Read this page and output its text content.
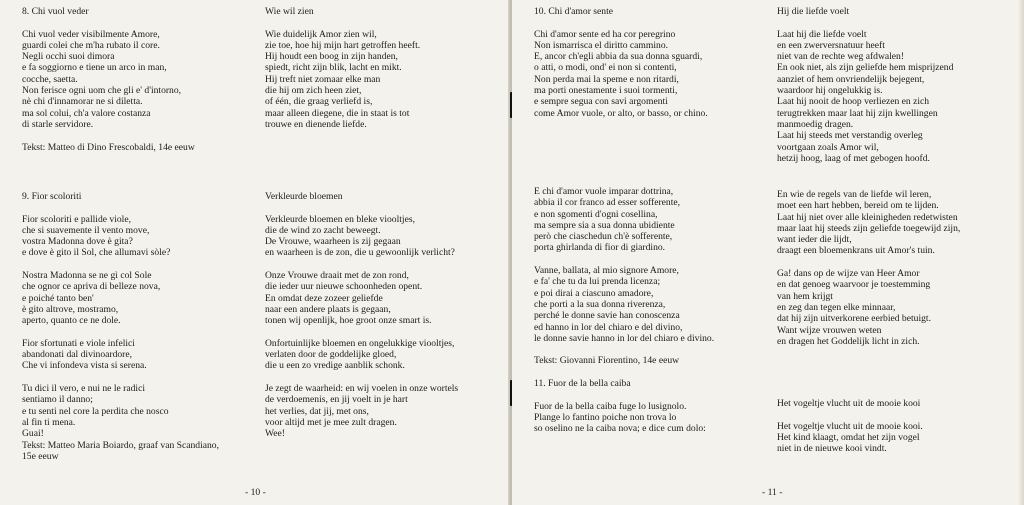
8. Chi vuol veder

Chi vuol veder visibilmente Amore,
guardi colei che m'ha rubato il core.
Negli occhi suoi dimora
e fa soggiorno e tiene un arco in man,
cocche, saetta.
Non ferisce ogni uom che gli e' d'intorno,
nè chi d'innamorar ne si diletta.
ma sol colui, ch'a valore costanza
di starle servidore.

Tekst: Matteo di Dino Frescobaldi, 14e eeuw
9. Fior scoloriti

Fior scoloriti e pallide viole,
che si suavemente il vento move,
vostra Madonna dove è gita?
e dove è gito il Sol, che allumavi sòle?

Nostra Madonna se ne gì col Sole
che ognor ce apriva di belleze nova,
e poiché tanto ben'
è gito altrove, mostramo,
aperto, quanto ce ne dole.

Fior sfortunati e viole infelici
abandonati dal divinoardore,
Che vi infondeva vista si serena.

Tu dici il vero, e nui ne le radici
sentiamo il danno;
e tu senti nel core la perdita che nosco
al fin ti mena.
Guai!
Tekst: Matteo Maria Boiardo, graaf van Scandiano,
15e eeuw
Wie wil zien

Wie duidelijk Amor zien wil,
zie toe, hoe hij mijn hart getroffen heeft.
Hij houdt een boog in zijn handen,
spiedt, richt zijn blik, lacht en mikt.
Hij treft niet zomaar elke man
die hij om zich heen ziet,
of één, die graag verliefd is,
maar alleen diegene, die in staat is tot
trouwe en dienende liefde.
Verkleurde bloemen

Verkleurde bloemen en bleke viooltjes,
die de wind zo zacht beweegt.
De Vrouwe, waarheen is zij gegaan
en waarheen is de zon, die u gewoonlijk verlicht?

Onze Vrouwe draait met de zon rond,
die ieder uur nieuwe schoonheden opent.
En omdat deze zozeer geliefde
naar een andere plaats is gegaan,
tonen wij openlijk, hoe groot onze smart is.

Onfortuinlijke bloemen en ongelukkige viooltjes,
verlaten door de goddelijke gloed,
die u een zo vredige aanblik schonk.

Je zegt de waarheid: en wij voelen in onze wortels
de verdoemenis, en jij voelt in je hart
het verlies, dat jij, met ons,
voor altijd met je mee zult dragen.
Wee!
- 10 -
10. Chi d'amor sente

Chi d'amor sente ed ha cor peregrino
Non ismarrisca el diritto cammino.
E, ancor ch'egli abbia da sua donna sguardi,
o atti, o modi, ond' ei non si contenti,
Non perda mai la speme e non ritardi,
ma porti onestamente i suoi tormenti,
e sempre segua con savi argomenti
come Amor vuole, or alto, or basso, or chino.
E chi d'amor vuole imparar dottrina,
abbia il cor franco ad esser sofferente,
e non sgomenti d'ogni cosellina,
ma sempre sia a sua donna ubidiente
però che ciaschedun ch'è sofferente,
porta ghirlanda di fior di giardino.

Vanne, ballata, al mio signore Amore,
e fa' che tu da lui prenda licenza;
e poi dirai a ciascuno amadore,
che porti a la sua donna riverenza,
perché le donne savie han conoscenza
ed hanno in lor del chiaro e del divino,
le donne savie hanno in lor del chiaro e divino.

Tekst: Giovanni Fiorentino, 14e eeuw

11. Fuor de la bella caiba

Fuor de la bella caiba fuge lo lusignolo.
Plange lo fantino poiche non trova lo
so oselino ne la caiba nova; e dice cum dolo:
Hij die liefde voelt

Laat hij die liefde voelt
en een zwerversnatuur heeft
niet van de rechte weg afdwalen!
En ook niet, als zijn geliefde hem misprijzend
aanziet of hem onvriendelijk bejegent,
waardoor hij ongelukkig is.
Laat hij nooit de hoop verliezen en zich
terugtrekken maar laat hij zijn kwellingen
manmoedig dragen.
Laat hij steeds met verstandig overleg
voortgaan zoals Amor wil,
hetzij hoog, laag of met gebogen hoofd.
En wie de regels van de liefde wil leren,
moet een hart hebben, bereid om te lijden.
Laat hij niet over alle kleinigheden redetwisten
maar laat hij steeds zijn geliefde toegewijd zijn,
want ieder die lijdt,
draagt een bloemenkrans uit Amor's tuin.

Ga! dans op de wijze van Heer Amor
en dat genoeg waarvoor je toestemming
van hem krijgt
en zeg dan tegen elke minnaar,
dat hij zijn uitverkorene eerbied betuigt.
Want wijze vrouwen weten
en dragen het Goddelijk licht in zich.
Het vogeltje vlucht uit de mooie kooi

Het vogeltje vlucht uit de mooie kooi.
Het kind klaagt, omdat het zijn vogel
niet in de nieuwe kooi vindt.
- 11 -
